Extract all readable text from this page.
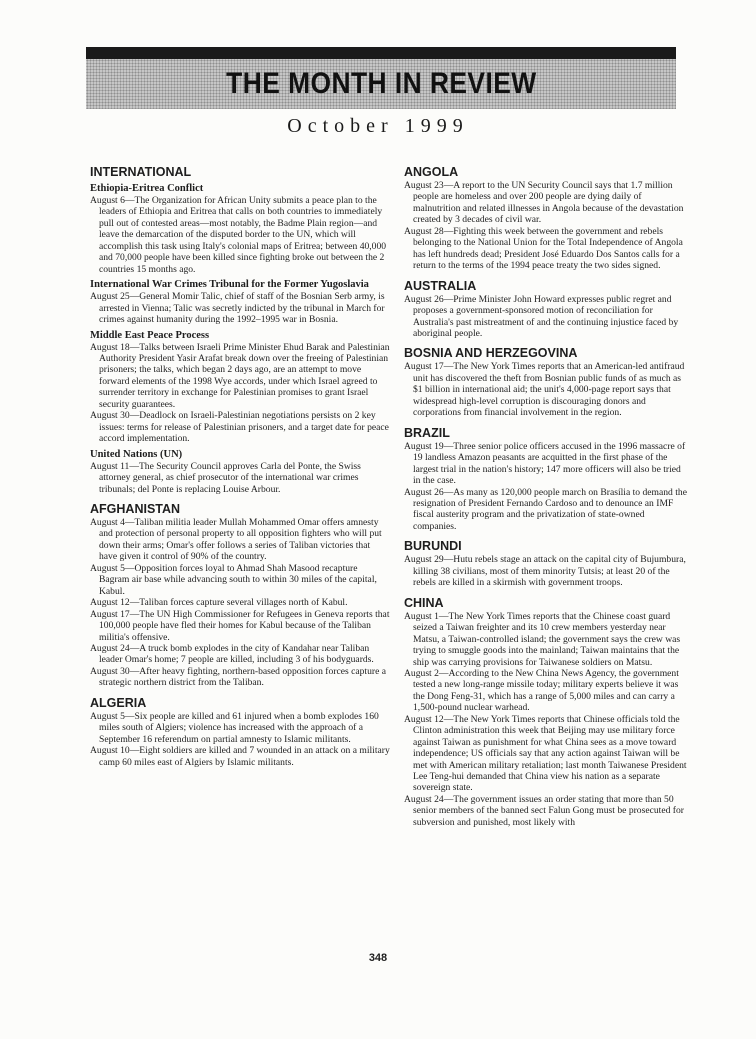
THE MONTH IN REVIEW
October 1999
INTERNATIONAL
Ethiopia-Eritrea Conflict

August 6—The Organization for African Unity submits a peace plan to the leaders of Ethiopia and Eritrea that calls on both countries to immediately pull out of contested areas—most notably, the Badme Plain region—and leave the demarcation of the disputed border to the UN, which will accomplish this task using Italy's colonial maps of Eritrea; between 40,000 and 70,000 people have been killed since fighting broke out between the 2 countries 15 months ago.

International War Crimes Tribunal for the Former Yugoslavia

August 25—General Momir Talic, chief of staff of the Bosnian Serb army, is arrested in Vienna; Talic was secretly indicted by the tribunal in March for crimes against humanity during the 1992–1995 war in Bosnia.

Middle East Peace Process

August 18—Talks between Israeli Prime Minister Ehud Barak and Palestinian Authority President Yasir Arafat break down over the freeing of Palestinian prisoners; the talks, which began 2 days ago, are an attempt to move forward elements of the 1998 Wye accords, under which Israel agreed to surrender territory in exchange for Palestinian promises to grant Israel security guarantees.

August 30—Deadlock on Israeli-Palestinian negotiations persists on 2 key issues: terms for release of Palestinian prisoners, and a target date for peace accord implementation.

United Nations (UN)

August 11—The Security Council approves Carla del Ponte, the Swiss attorney general, as chief prosecutor of the international war crimes tribunals; del Ponte is replacing Louise Arbour.

AFGHANISTAN

August 4—Taliban militia leader Mullah Mohammed Omar offers amnesty and protection of personal property to all opposition fighters who will put down their arms; Omar's offer follows a series of Taliban victories that have given it control of 90% of the country.

August 5—Opposition forces loyal to Ahmad Shah Masood recapture Bagram air base while advancing south to within 30 miles of the capital, Kabul.

August 12—Taliban forces capture several villages north of Kabul.

August 17—The UN High Commissioner for Refugees in Geneva reports that 100,000 people have fled their homes for Kabul because of the Taliban militia's offensive.

August 24—A truck bomb explodes in the city of Kandahar near Taliban leader Omar's home; 7 people are killed, including 3 of his bodyguards.

August 30—After heavy fighting, northern-based opposition forces capture a strategic northern district from the Taliban.

ALGERIA

August 5—Six people are killed and 61 injured when a bomb explodes 160 miles south of Algiers; violence has increased with the approach of a September 16 referendum on partial amnesty to Islamic militants.

August 10—Eight soldiers are killed and 7 wounded in an attack on a military camp 60 miles east of Algiers by Islamic militants.

ANGOLA

August 23—A report to the UN Security Council says that 1.7 million people are homeless and over 200 people are dying daily of malnutrition and related illnesses in Angola because of the devastation created by 3 decades of civil war.

August 28—Fighting this week between the government and rebels belonging to the National Union for the Total Independence of Angola has left hundreds dead; President José Eduardo Dos Santos calls for a return to the terms of the 1994 peace treaty the two sides signed.

AUSTRALIA

August 26—Prime Minister John Howard expresses public regret and proposes a government-sponsored motion of reconciliation for Australia's past mistreatment of and the continuing injustice faced by aboriginal people.

BOSNIA AND HERZEGOVINA

August 17—The New York Times reports that an American-led antifraud unit has discovered the theft from Bosnian public funds of as much as $1 billion in international aid; the unit's 4,000-page report says that widespread high-level corruption is discouraging donors and corporations from financial involvement in the region.

BRAZIL

August 19—Three senior police officers accused in the 1996 massacre of 19 landless Amazon peasants are acquitted in the first phase of the largest trial in the nation's history; 147 more officers will also be tried in the case.

August 26—As many as 120,000 people march on Brasília to demand the resignation of President Fernando Cardoso and to denounce an IMF fiscal austerity program and the privatization of state-owned companies.

BURUNDI

August 29—Hutu rebels stage an attack on the capital city of Bujumbura, killing 38 civilians, most of them minority Tutsis; at least 20 of the rebels are killed in a skirmish with government troops.

CHINA

August 1—The New York Times reports that the Chinese coast guard seized a Taiwan freighter and its 10 crew members yesterday near Matsu, a Taiwan-controlled island; the government says the crew was trying to smuggle goods into the mainland; Taiwan maintains that the ship was carrying provisions for Taiwanese soldiers on Matsu.

August 2—According to the New China News Agency, the government tested a new long-range missile today; military experts believe it was the Dong Feng-31, which has a range of 5,000 miles and can carry a 1,500-pound nuclear warhead.

August 12—The New York Times reports that Chinese officials told the Clinton administration this week that Beijing may use military force against Taiwan as punishment for what China sees as a move toward independence; US officials say that any action against Taiwan will be met with American military retaliation; last month Taiwanese President Lee Teng-hui demanded that China view his nation as a separate sovereign state.

August 24—The government issues an order stating that more than 50 senior members of the banned sect Falun Gong must be prosecuted for subversion and punished, most likely with

348
